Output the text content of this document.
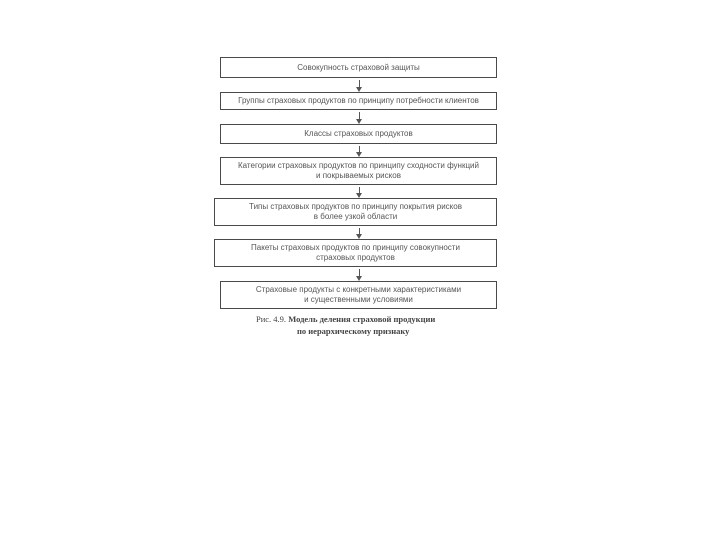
Совокупность страховой защиты
Группы страховых продуктов по принципу потребности клиентов
Классы страховых продуктов
Категории страховых продуктов по принципу сходности функций
и покрываемых рисков
Типы страховых продуктов по принципу покрытия рисков
в более узкой области
Пакеты страховых продуктов по принципу совокупности
страховых продуктов
Страховые продукты с конкретными характеристиками
и существенными условиями
Рис. 4.9. Модель деления страховой продукции
по иерархическому признаку
